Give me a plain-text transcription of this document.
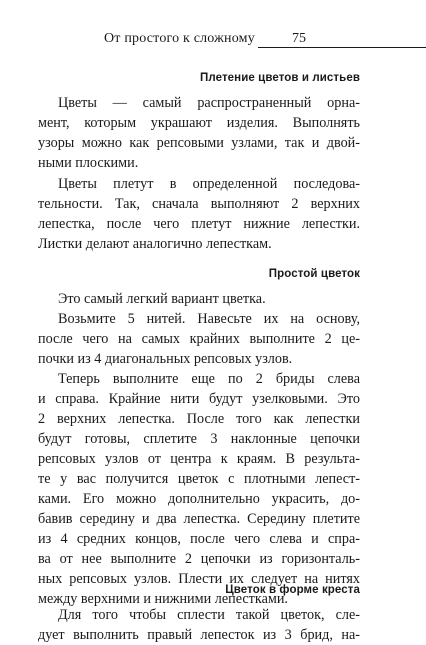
От простого к сложному	75
Плетение цветов и листьев
Цветы — самый распространенный орна-
мент, которым украшают изделия. Выполнять
узоры можно как репсовыми узлами, так и двой-
ными плоскими.
Цветы плетут в определенной последова-
тельности. Так, сначала выполняют 2 верхних
лепестка, после чего плетут нижние лепестки.
Листки делают аналогично лепесткам.
Простой цветок
Это самый легкий вариант цветка.
Возьмите 5 нитей. Навесьте их на основу,
после чего на самых крайних выполните 2 це-
почки из 4 диагональных репсовых узлов.
Теперь выполните еще по 2 бриды слева
и справа. Крайние нити будут узелковыми. Это
2 верхних лепестка. После того как лепестки
будут готовы, сплетите 3 наклонные цепочки
репсовых узлов от центра к краям. В результа-
те у вас получится цветок с плотными лепест-
ками. Его можно дополнительно украсить, до-
бавив середину и два лепестка. Середину плетите
из 4 средних концов, после чего слева и спра-
ва от нее выполните 2 цепочки из горизонталь-
ных репсовых узлов. Плести их следует на нитях
между верхними и нижними лепестками.
Цветок в форме креста
Для того чтобы сплести такой цветок, сле-
дует выполнить правый лепесток из 3 брид, на-
